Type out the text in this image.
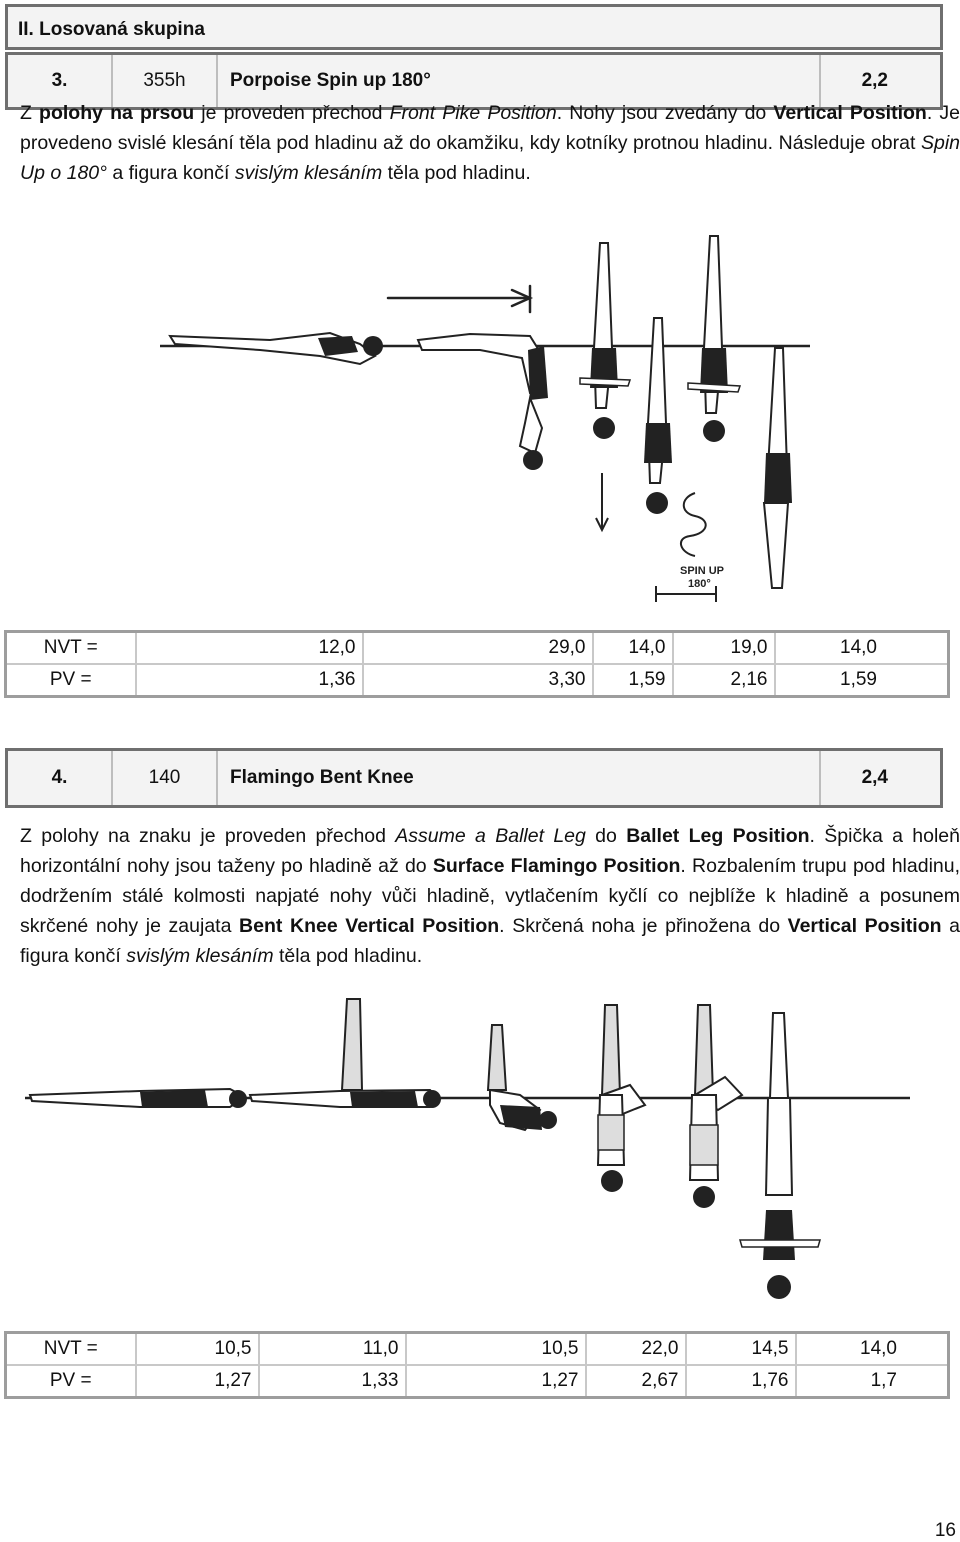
II. Losovaná skupina
3.	355h	Porpoise Spin up 180°	2,2
Z polohy na prsou je proveden přechod Front Pike Position. Nohy jsou zvedány do Vertical Position. Je provedeno svislé klesání těla pod hladinu až do okamžiku, kdy kotníky protnou hladinu. Následuje obrat Spin Up o 180° a figura končí svislým klesáním těla pod hladinu.
SPIN UP
180°
NVT =	12,0	29,0	14,0	19,0	14,0
PV =	1,36	3,30	1,59	2,16	1,59
4.	140	Flamingo Bent Knee	2,4
Z polohy na znaku je proveden přechod Assume a Ballet Leg do Ballet Leg Position. Špička a holeň horizontální nohy jsou taženy po hladině až do Surface Flamingo Position. Rozbalením trupu pod hladinu, dodržením stálé kolmosti napjaté nohy vůči hladině, vytlačením kyčlí co nejblíže k hladině a posunem skrčené nohy je zaujata Bent Knee Vertical Position. Skrčená noha je přinožena do Vertical Position a figura končí svislým klesáním těla pod hladinu.
NVT =	10,5	11,0	10,5	22,0	14,5	14,0
PV =	1,27	1,33	1,27	2,67	1,76	1,7
16
